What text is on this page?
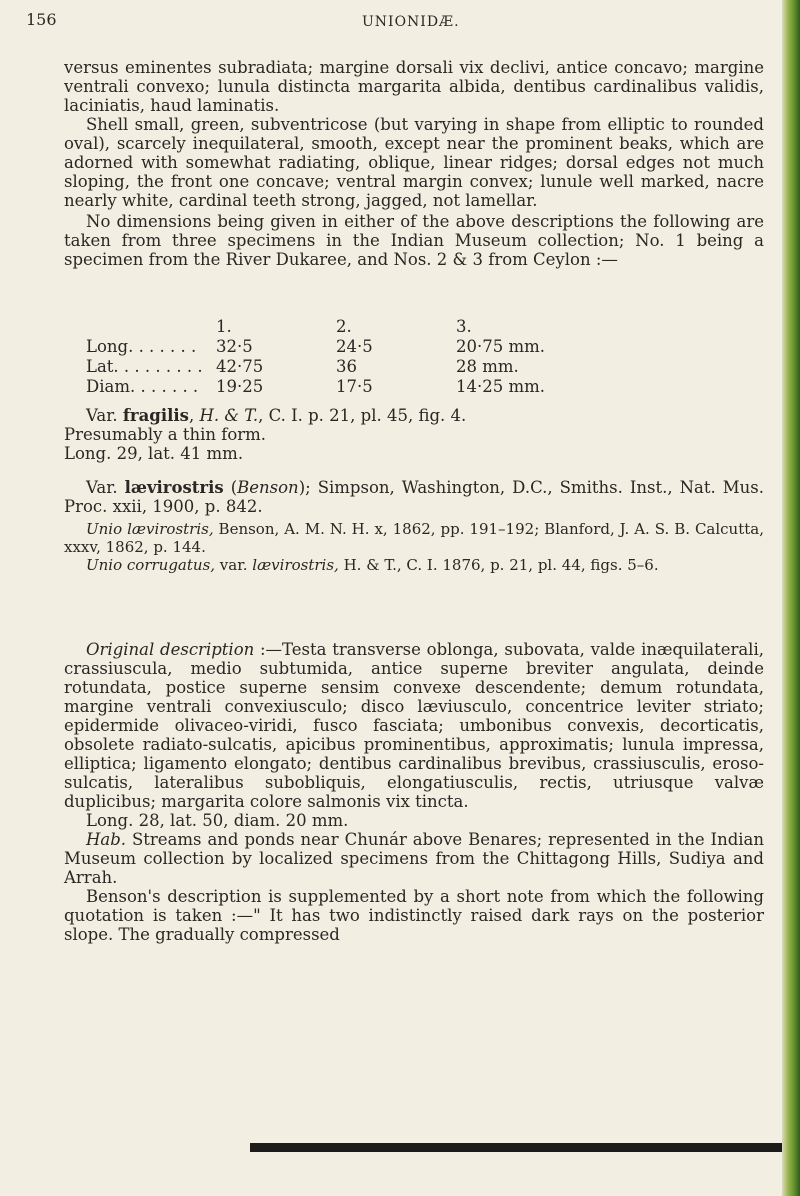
156	UNIONIDÆ.

versus eminentes subradiata; margine dorsali vix declivi, antice concavo; margine ventrali convexo; lunula distincta margarita albida, dentibus cardinalibus validis, laciniatis, haud laminatis.

Shell small, green, subventricose (but varying in shape from elliptic to rounded oval), scarcely inequilateral, smooth, except near the prominent beaks, which are adorned with somewhat radiating, oblique, linear ridges; dorsal edges not much sloping, the front one concave; ventral margin convex; lunule well marked, nacre nearly white, cardinal teeth strong, jagged, not lamellar.

No dimensions being given in either of the above descriptions the following are taken from three specimens in the Indian Museum collection; No. 1 being a specimen from the River Dukaree, and Nos. 2 & 3 from Ceylon :—

	1.	2.	3.
Long. . . . . . .	32·5	24·5	20·75 mm.
Lat. . . . . . . . .	42·75	36	28 mm.
Diam. . . . . . .	19·25	17·5	14·25 mm.

Var. fragilis, H. & T., C. I. p. 21, pl. 45, fig. 4.

Presumably a thin form.

Long. 29, lat. 41 mm.

Var. lævirostris (Benson); Simpson, Washington, D.C., Smiths. Inst., Nat. Mus. Proc. xxii, 1900, p. 842.

Unio lævirostris, Benson, A. M. N. H. x, 1862, pp. 191–192; Blanford, J. A. S. B. Calcutta, xxxv, 1862, p. 144.

Unio corrugatus, var. lævirostris, H. & T., C. I. 1876, p. 21, pl. 44, figs. 5–6.

Original description :—Testa transverse oblonga, subovata, valde inæquilaterali, crassiuscula, medio subtumida, antice superne breviter angulata, deinde rotundata, postice superne sensim convexe descendente; demum rotundata, margine ventrali convexiusculo; disco læviusculo, concentrice leviter striato; epidermide olivaceo-viridi, fusco fasciata; umbonibus convexis, decorticatis, obsolete radiato-sulcatis, apicibus prominentibus, approximatis; lunula impressa, elliptica; ligamento elongato; dentibus cardinalibus brevibus, crassiusculis, eroso-sulcatis, lateralibus subobliquis, elongatiusculis, rectis, utriusque valvæ duplicibus; margarita colore salmonis vix tincta.

Long. 28, lat. 50, diam. 20 mm.

Hab. Streams and ponds near Chunár above Benares; represented in the Indian Museum collection by localized specimens from the Chittagong Hills, Sudiya and Arrah.

Benson's description is supplemented by a short note from which the following quotation is taken :—" It has two indistinctly raised dark rays on the posterior slope. The gradually compressed
